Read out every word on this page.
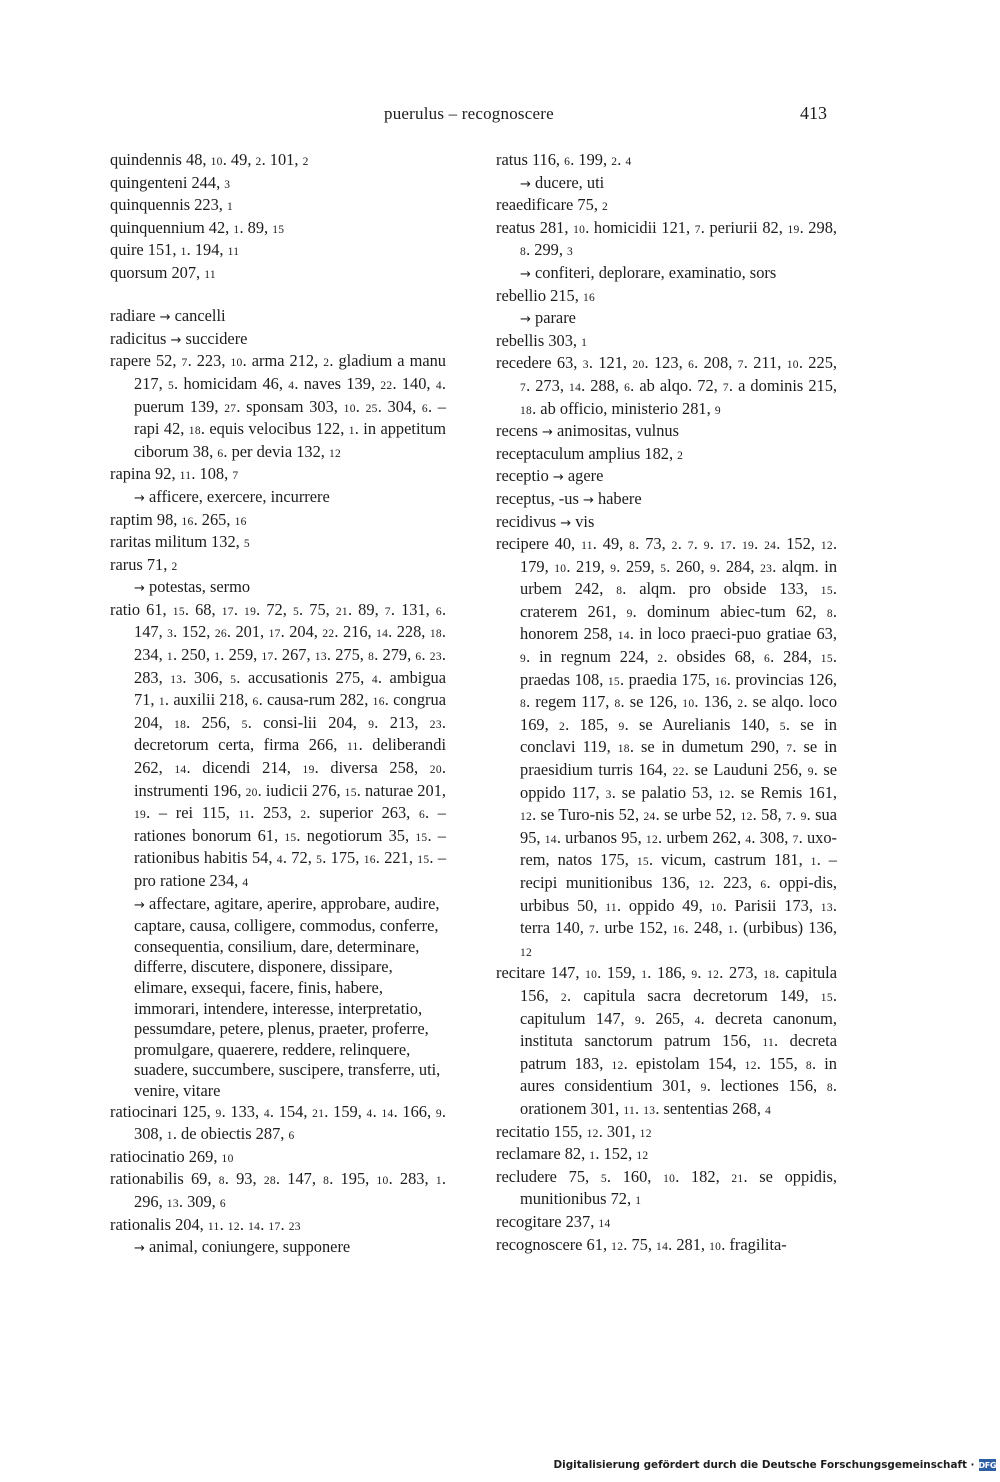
puerulus – recognoscere	413
quindennis 48, 10. 49, 2. 101, 2
quingenteni 244, 3
quinquennis 223, 1
quinquennium 42, 1. 89, 15
quire 151, 1. 194, 11
quorsum 207, 11
radiare → cancelli
radicitus → succidere
rapere 52, 7. 223, 10. arma 212, 2. gladium a manu 217, 5. homicidam 46, 4. naves 139, 22. 140, 4. puerum 139, 27. sponsam 303, 10. 25. 304, 6. – rapi 42, 18. equis velocibus 122, 1. in appetitum ciborum 38, 6. per devia 132, 12
rapina 92, 11. 108, 7
→ afficere, exercere, incurrere
raptim 98, 16. 265, 16
raritas militum 132, 5
rarus 71, 2
→ potestas, sermo
ratio 61, 15. 68, 17. 19. 72, 5. 75, 21. 89, 7. 131, 6. 147, 3. 152, 26. 201, 17. 204, 22. 216, 14. 228, 18. 234, 1. 250, 1. 259, 17. 267, 13. 275, 8. 279, 6. 23. 283, 13. 306, 5. accusationis 275, 4. ambigua 71, 1. auxilii 218, 6. causa-rum 282, 16. congrua 204, 18. 256, 5. consi-lii 204, 9. 213, 23. decretorum certa, firma 266, 11. deliberandi 262, 14. dicendi 214, 19. diversa 258, 20. instrumenti 196, 20. iudicii 276, 15. naturae 201, 19. – rei 115, 11. 253, 2. superior 263, 6. – rationes bonorum 61, 15. negotiorum 35, 15. – rationibus habitis 54, 4. 72, 5. 175, 16. 221, 15. – pro ratione 234, 4
→ affectare, agitare, aperire, approbare, audire, captare, causa, colligere, commodus, conferre, consequentia, consilium, dare, determinare, differre, discutere, disponere, dissipare, elimare, exsequi, facere, finis, habere, immorari, intendere, interesse, interpretatio, pessumdare, petere, plenus, praeter, proferre, promulgare, quaerere, reddere, relinquere, suadere, succumbere, suscipere, transferre, uti, venire, vitare
ratiocinari 125, 9. 133, 4. 154, 21. 159, 4. 14. 166, 9. 308, 1. de obiectis 287, 6
ratiocinatio 269, 10
rationabilis 69, 8. 93, 28. 147, 8. 195, 10. 283, 1. 296, 13. 309, 6
rationalis 204, 11. 12. 14. 17. 23
→ animal, coniungere, supponere
ratus 116, 6. 199, 2. 4
→ ducere, uti
reaedificare 75, 2
reatus 281, 10. homicidii 121, 7. periurii 82, 19. 298, 8. 299, 3
→ confiteri, deplorare, examinatio, sors
rebellio 215, 16
→ parare
rebellis 303, 1
recedere 63, 3. 121, 20. 123, 6. 208, 7. 211, 10. 225, 7. 273, 14. 288, 6. ab alqo. 72, 7. a dominis 215, 18. ab officio, ministerio 281, 9
recens → animositas, vulnus
receptaculum amplius 182, 2
receptio → agere
receptus, -us → habere
recidivus → vis
recipere 40, 11. 49, 8. 73, 2. 7. 9. 17. 19. 24. 152, 12. 179, 10. 219, 9. 259, 5. 260, 9. 284, 23. alqm. in urbem 242, 8. alqm. pro obside 133, 15. craterem 261, 9. dominum abiec-tum 62, 8. honorem 258, 14. in loco praeci-puo gratiae 63, 9. in regnum 224, 2. obsides 68, 6. 284, 15. praedas 108, 15. praedia 175, 16. provincias 126, 8. regem 117, 8. se 126, 10. 136, 2. se alqo. loco 169, 2. 185, 9. se Aurelianis 140, 5. se in conclavi 119, 18. se in dumetum 290, 7. se in praesidium turris 164, 22. se Lauduni 256, 9. se oppido 117, 3. se palatio 53, 12. se Remis 161, 12. se Turo-nis 52, 24. se urbe 52, 12. 58, 7. 9. sua 95, 14. urbanos 95, 12. urbem 262, 4. 308, 7. uxo-rem, natos 175, 15. vicum, castrum 181, 1. – recipi munitionibus 136, 12. 223, 6. oppi-dis, urbibus 50, 11. oppido 49, 10. Parisii 173, 13. terra 140, 7. urbe 152, 16. 248, 1. (urbibus) 136, 12
recitare 147, 10. 159, 1. 186, 9. 12. 273, 18. capitula 156, 2. capitula sacra decretorum 149, 15. capitulum 147, 9. 265, 4. decreta canonum, instituta sanctorum patrum 156, 11. decreta patrum 183, 12. epistolam 154, 12. 155, 8. in aures considentium 301, 9. lectiones 156, 8. orationem 301, 11. 13. sententias 268, 4
recitatio 155, 12. 301, 12
reclamare 82, 1. 152, 12
recludere 75, 5. 160, 10. 182, 21. se oppidis, munitionibus 72, 1
recogitare 237, 14
recognoscere 61, 12. 75, 14. 281, 10. fragilita-
Digitalisierung gefördert durch die Deutsche Forschungsgemeinschaft · DFG
